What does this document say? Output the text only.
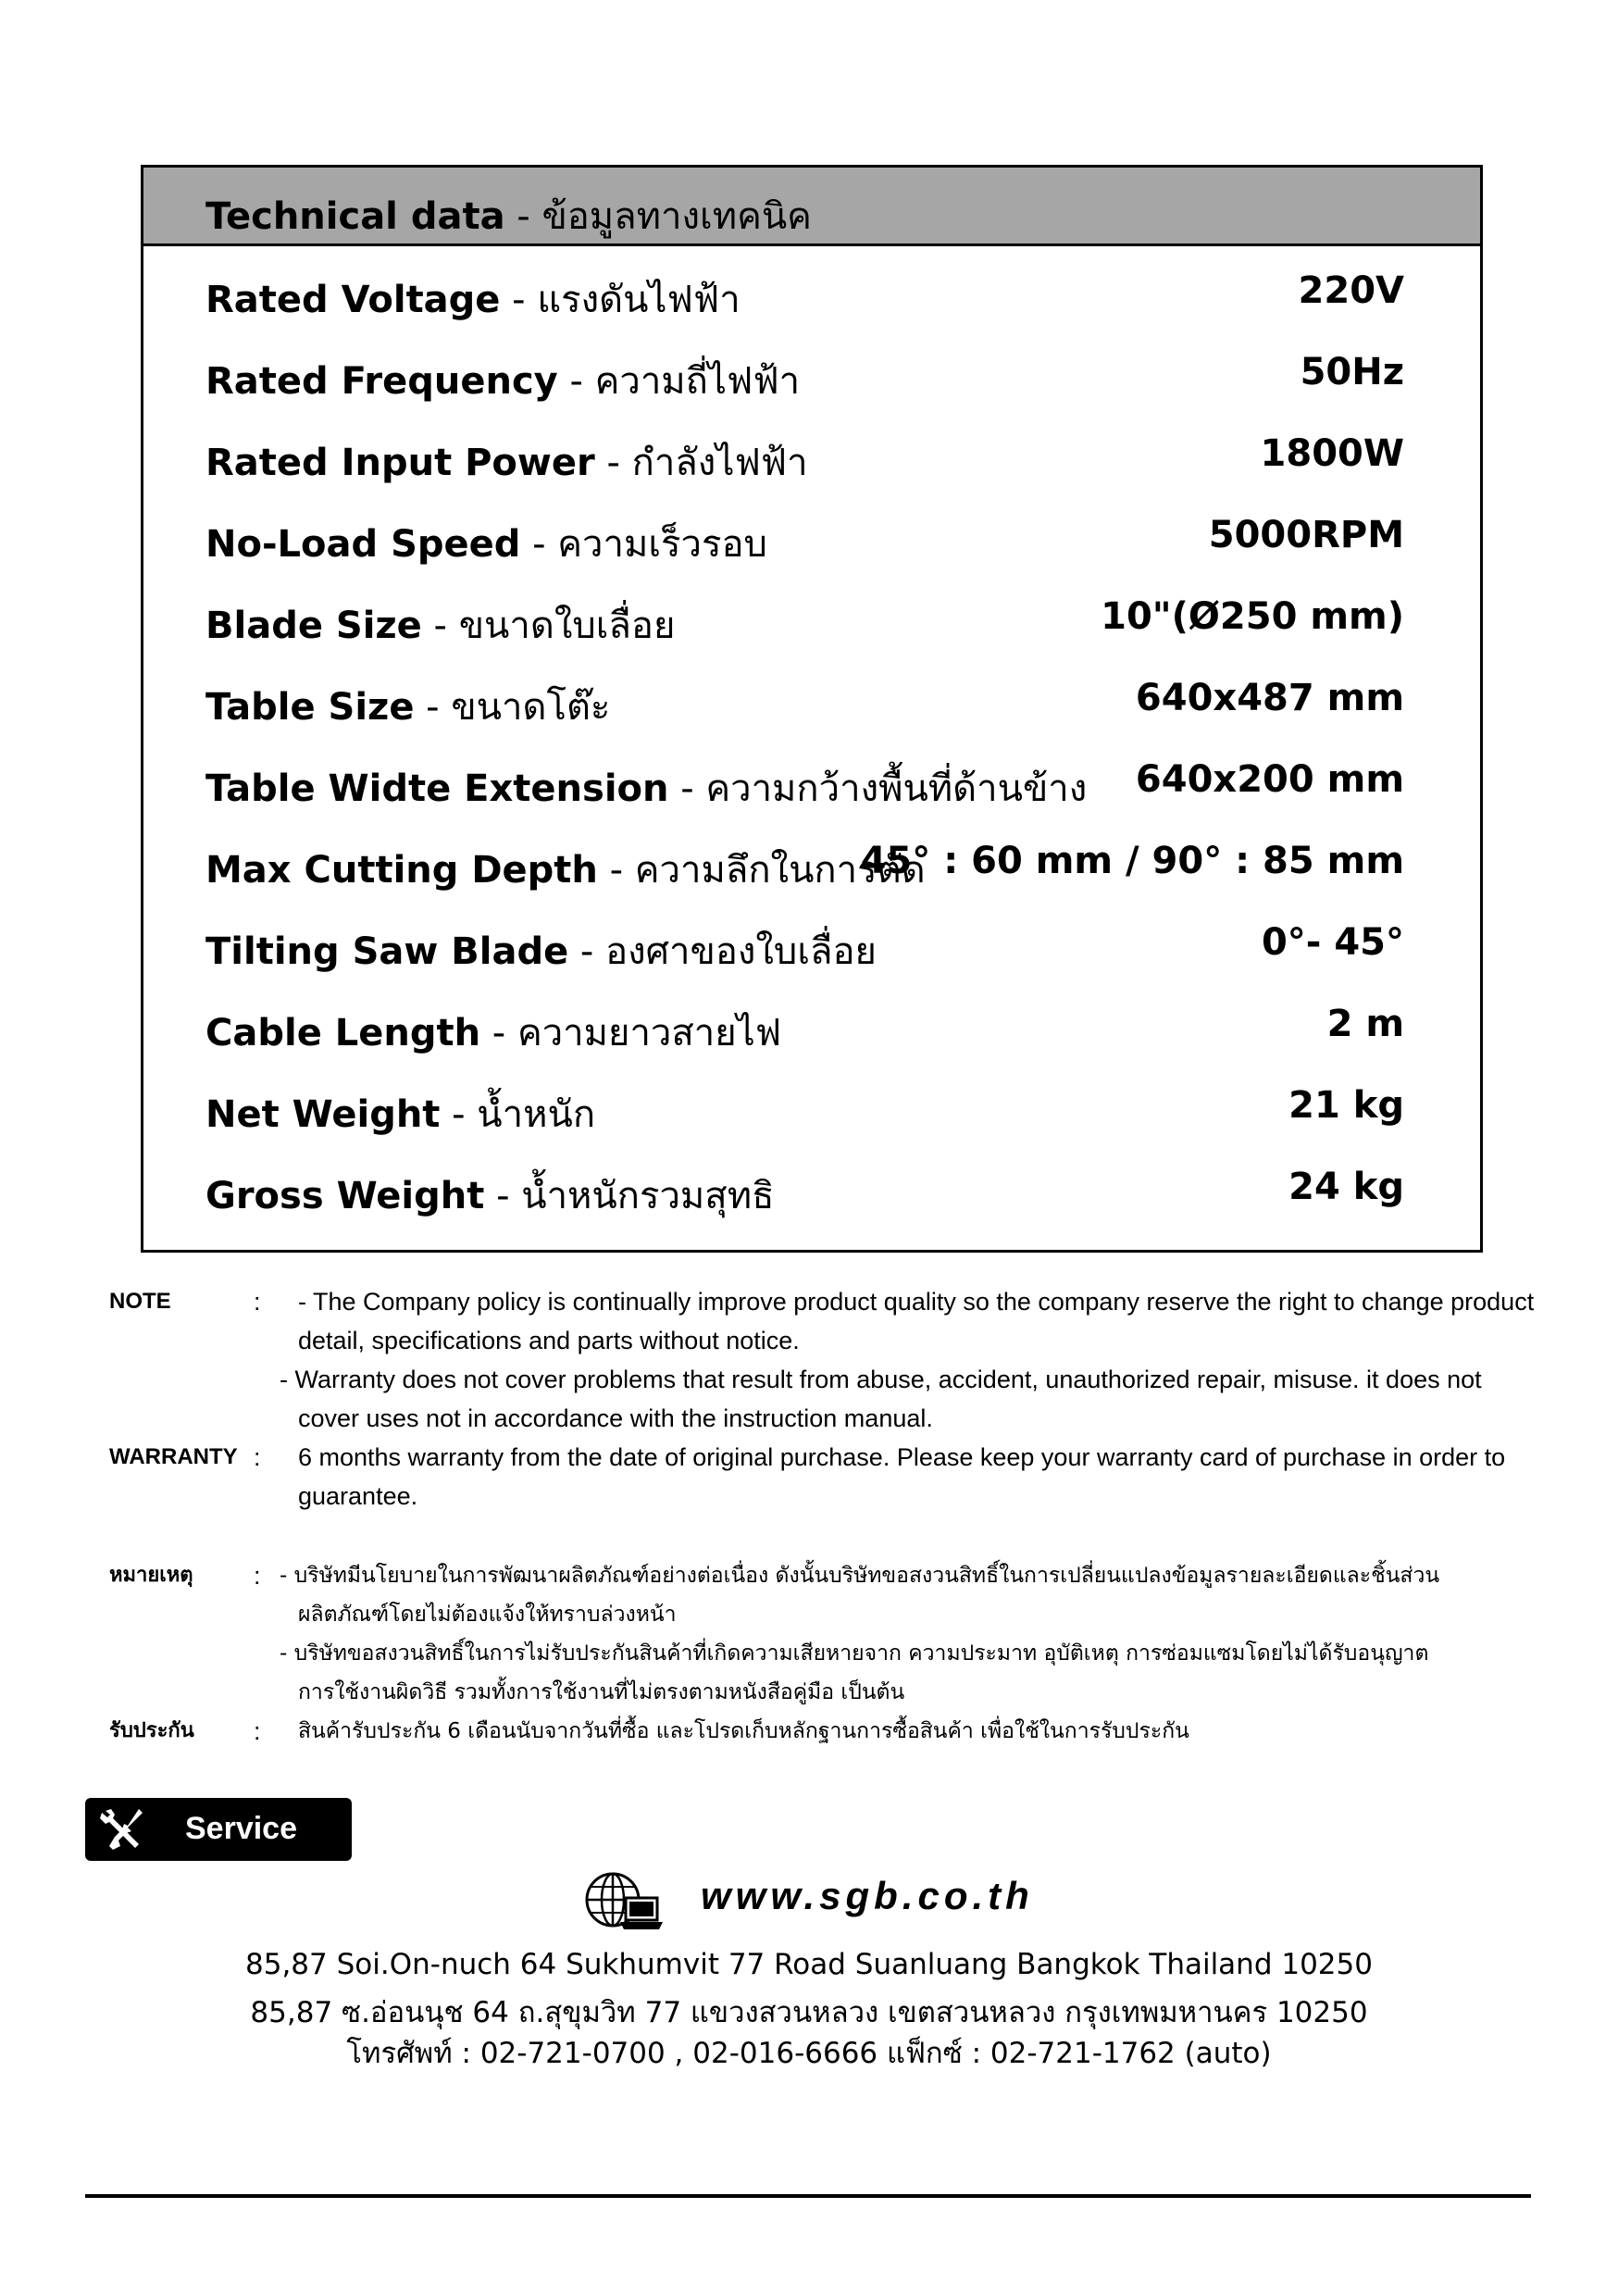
Technical data - ข้อมูลทางเทคนิค
Rated Voltage - แรงดันไฟฟ้า	220V
Rated Frequency - ความถี่ไฟฟ้า	50Hz
Rated Input Power - กำลังไฟฟ้า	1800W
No-Load Speed - ความเร็วรอบ	5000RPM
Blade Size - ขนาดใบเลื่อย	10"(Ø250 mm)
Table Size - ขนาดโต๊ะ	640x487 mm
Table Widte Extension - ความกว้างพื้นที่ด้านข้าง 640x200 mm
Max Cutting Depth - ความลึกในการตัด
45° : 60 mm / 90° : 85 mm
Tilting Saw Blade - องศาของใบเลื่อย	0°- 45°
Cable Length - ความยาวสายไฟ	2 m
Net Weight - น้ำหนัก	21 kg
Gross Weight - น้ำหนักรวมสุทธิ	24 kg
NOTE	: - The Company policy is continually improve product quality so the company reserve the right to change product
detail, specifications and parts without notice.
- Warranty does not cover problems that result from abuse, accident, unauthorized repair, misuse. it does not
cover uses not in accordance with the instruction manual.
WARRANTY : 6 months warranty from the date of original purchase. Please keep your warranty card of purchase in order to
guarantee.
หมายเหตุ : - บริษัทมีนโยบายในการพัฒนาผลิตภัณฑ์อย่างต่อเนื่อง ดังนั้นบริษัทขอสงวนสิทธิ์ในการเปลี่ยนแปลงข้อมูลรายละเอียดและชิ้นส่วน
ผลิตภัณฑ์โดยไม่ต้องแจ้งให้ทราบล่วงหน้า
- บริษัทขอสงวนสิทธิ์ในการไม่รับประกันสินค้าที่เกิดความเสียหายจาก ความประมาท อุบัติเหตุ การซ่อมแซมโดยไม่ได้รับอนุญาต
การใช้งานผิดวิธี รวมทั้งการใช้งานที่ไม่ตรงตามหนังสือคู่มือ เป็นต้น
รับประกัน : สินค้ารับประกัน 6 เดือนนับจากวันที่ซื้อ และโปรดเก็บหลักฐานการซื้อสินค้า เพื่อใช้ในการรับประกัน
Service
www.sgb.co.th
85,87 Soi.On-nuch 64 Sukhumvit 77 Road Suanluang Bangkok Thailand 10250
85,87 ซ.อ่อนนุช 64 ถ.สุขุมวิท 77 แขวงสวนหลวง เขตสวนหลวง กรุงเทพมหานคร 10250
โทรศัพท์ : 02-721-0700 , 02-016-6666 แฟ็กซ์ : 02-721-1762 (auto)
